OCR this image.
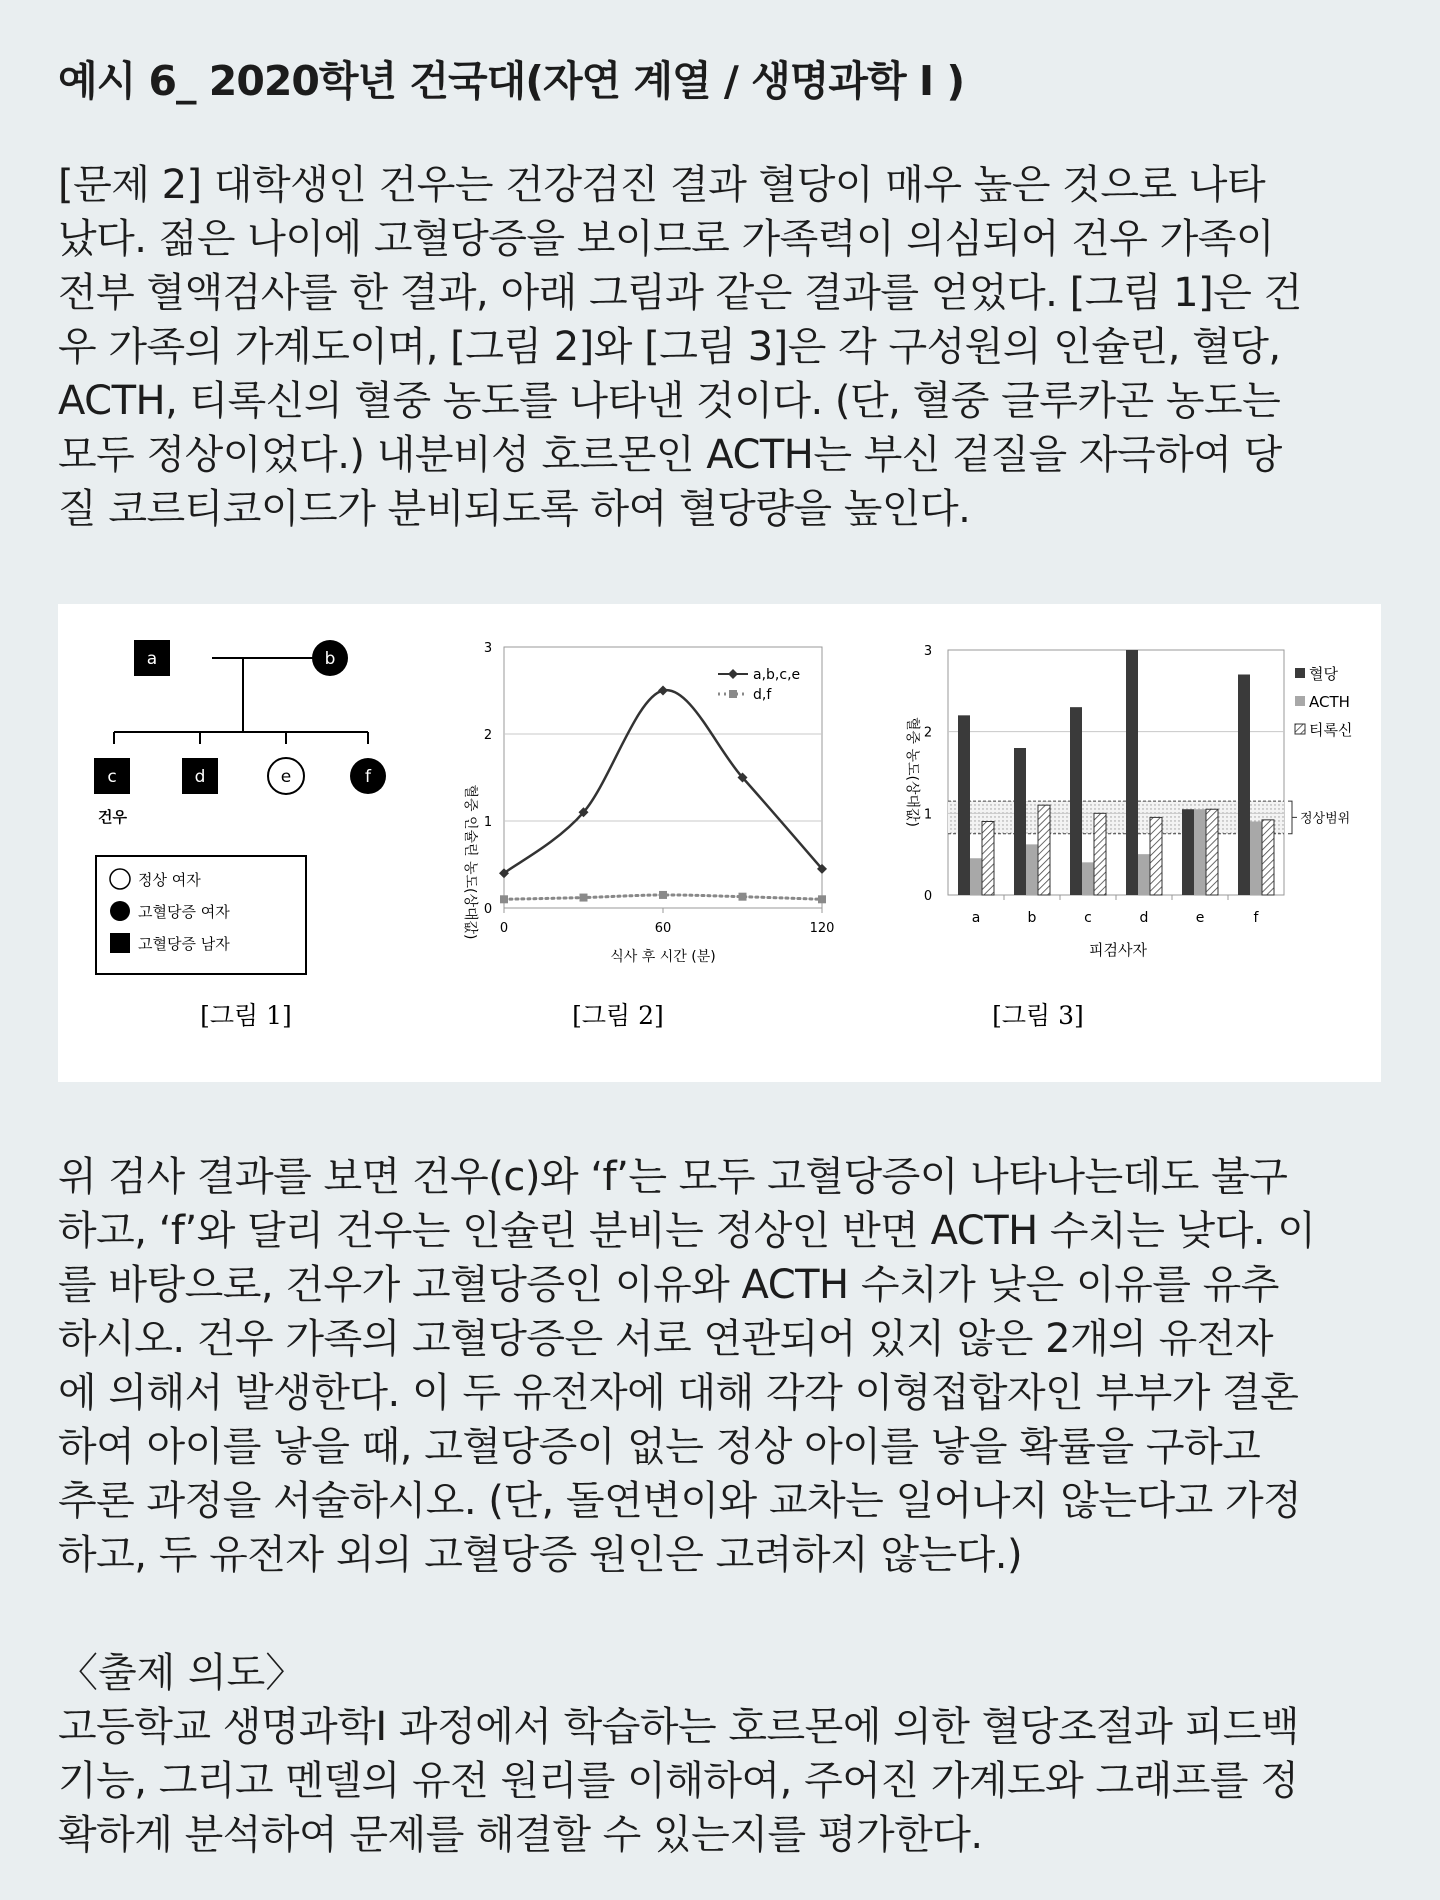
예시 6_ 2020학년 건국대(자연 계열 / 생명과학 I )
[문제 2] 대학생인 건우는 건강검진 결과 혈당이 매우 높은 것으로 나타
났다. 젊은 나이에 고혈당증을 보이므로 가족력이 의심되어 건우 가족이
전부 혈액검사를 한 결과, 아래 그림과 같은 결과를 얻었다. [그림 1]은 건
우 가족의 가계도이며, [그림 2]와 [그림 3]은 각 구성원의 인슐린, 혈당,
ACTH, 티록신의 혈중 농도를 나타낸 것이다. (단, 혈중 글루카곤 농도는
모두 정상이었다.) 내분비성 호르몬인 ACTH는 부신 겉질을 자극하여 당
질 코르티코이드가 분비되도록 하여 혈당량을 높인다.
a	b
c	d	e	f
건우
정상 여자
고혈당증 여자
고혈당증 남자
[그림 1]
혈중 인슐린 농도(상대값)
식사 후 시간 (분)
[그림 2]
0
1
2
3
0	60	120
a,b,c,e
d,f
혈중 농도(상대값)
피검사자
[그림 3]
정상범위
0
1
2
3
a	b	c	d	e	f
혈당
ACTH
티록신
위 검사 결과를 보면 건우(c)와 ‘f’는 모두 고혈당증이 나타나는데도 불구
하고, ‘f’와 달리 건우는 인슐린 분비는 정상인 반면 ACTH 수치는 낮다. 이
를 바탕으로, 건우가 고혈당증인 이유와 ACTH 수치가 낮은 이유를 유추
하시오. 건우 가족의 고혈당증은 서로 연관되어 있지 않은 2개의 유전자
에 의해서 발생한다. 이 두 유전자에 대해 각각 이형접합자인 부부가 결혼
하여 아이를 낳을 때, 고혈당증이 없는 정상 아이를 낳을 확률을 구하고
추론 과정을 서술하시오. (단, 돌연변이와 교차는 일어나지 않는다고 가정
하고, 두 유전자 외의 고혈당증 원인은 고려하지 않는다.)
〈출제 의도〉
고등학교 생명과학I 과정에서 학습하는 호르몬에 의한 혈당조절과 피드백
기능, 그리고 멘델의 유전 원리를 이해하여, 주어진 가계도와 그래프를 정
확하게 분석하여 문제를 해결할 수 있는지를 평가한다.
